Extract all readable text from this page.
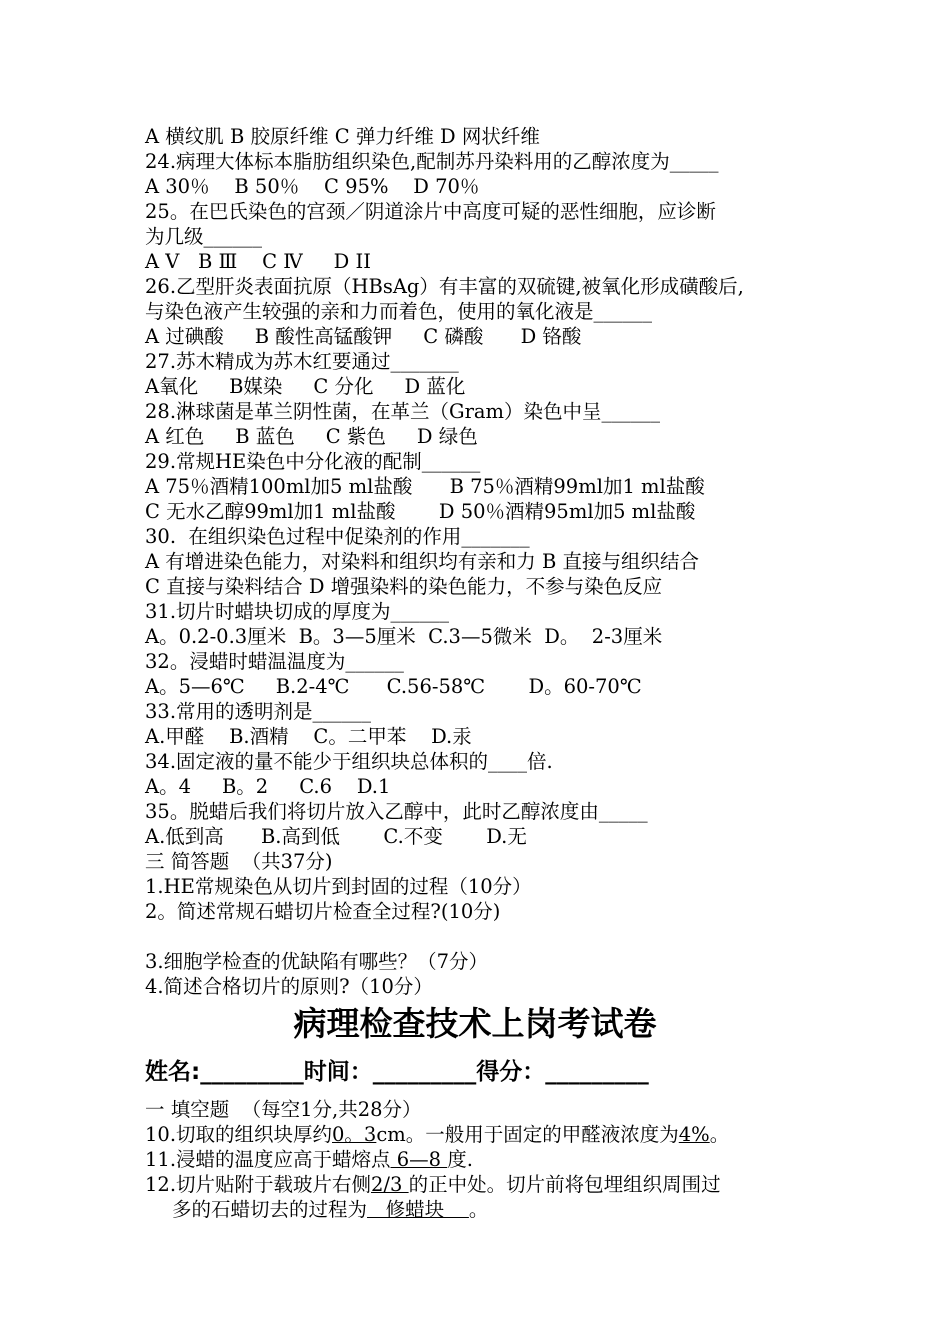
A 横纹肌 B 胶原纤维 C 弹力纤维 D 网状纤维
24.病理大体标本脂肪组织染色,配制苏丹染料用的乙醇浓度为_____
A 30％    B 50％    C 95%    D 70％
25。在巴氏染色的宫颈／阴道涂片中高度可疑的恶性细胞，应诊断
为几级______
A Ⅴ   B Ⅲ    C Ⅳ     D II
26.乙型肝炎表面抗原（HBsAg）有丰富的双硫键,被氧化形成磺酸后,
与染色液产生较强的亲和力而着色，使用的氧化液是______
A 过碘酸     B 酸性高锰酸钾     C 磷酸      D 铬酸
27.苏木精成为苏木红要通过_______
A氧化     B媒染     C 分化     D 蓝化
28.淋球菌是革兰阴性菌，在革兰（Gram）染色中呈______
A 红色     B 蓝色     C 紫色     D 绿色
29.常规HE染色中分化液的配制______
A 75％酒精100ml加5 ml盐酸      B 75％酒精99ml加1 ml盐酸
C 无水乙醇99ml加1 ml盐酸       D 50％酒精95ml加5 ml盐酸
30.  在组织染色过程中促染剂的作用_______
A 有增进染色能力，对染料和组织均有亲和力 B 直接与组织结合
C 直接与染料结合 D 增强染料的染色能力，不参与染色反应
31.切片时蜡块切成的厚度为______
A。0.2-0.3厘米  B。3—5厘米  C.3—5微米  D。  2-3厘米
32。浸蜡时蜡温温度为______
A。5—6℃     B.2-4℃      C.56-58℃       D。60-70℃
33.常用的透明剂是______
A.甲醛    B.酒精    C。二甲苯    D.汞
34.固定液的量不能少于组织块总体积的____倍.
A。4     B。2     C.6    D.1
35。脱蜡后我们将切片放入乙醇中，此时乙醇浓度由_____
A.低到高      B.高到低       C.不变       D.无
三 简答题  （共37分)
1.HE常规染色从切片到封固的过程（10分）
2。简述常规石蜡切片检查全过程?(10分)
3.细胞学检查的优缺陷有哪些？（7分）
4.简述合格切片的原则?（10分）
病理检查技术上岗考试卷
姓名:_________时间：_________得分：_________
一 填空题  （每空1分,共28分）
10.切取的组织块厚约0。3cm。一般用于固定的甲醛液浓度为4%。
11.浸蜡的温度应高于蜡熔点 6—8 度.
12.切片贴附于载玻片右侧2/3 的正中处。切片前将包埋组织周围过
多的石蜡切去的过程为   修蜡块    。
